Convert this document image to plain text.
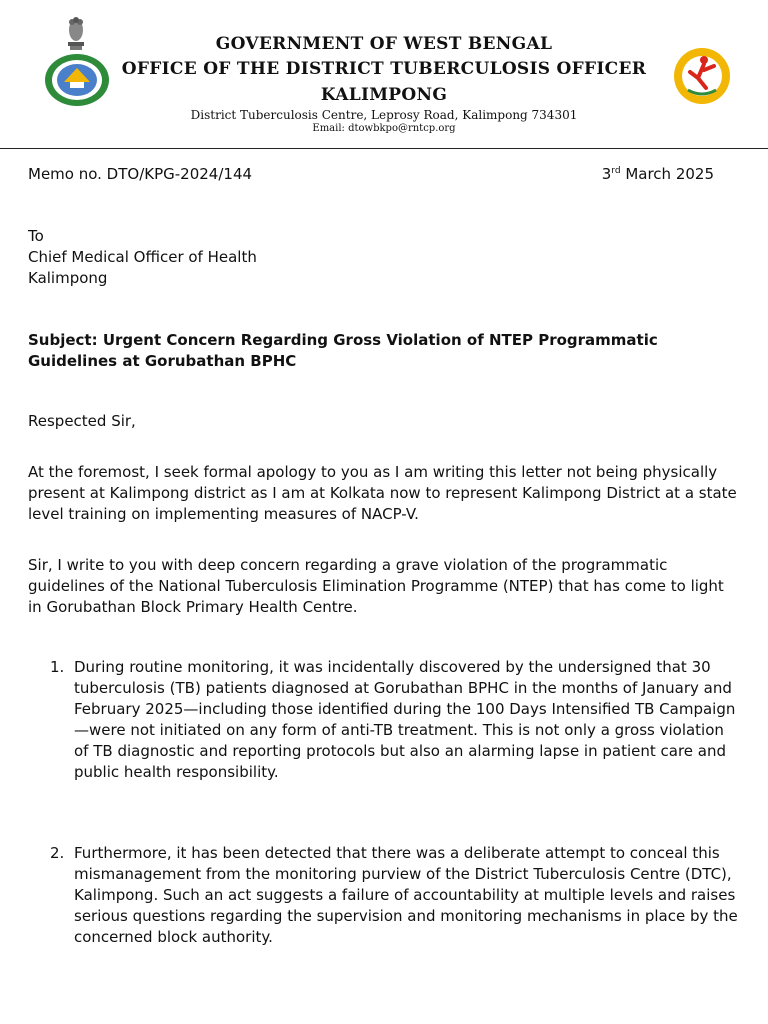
GOVERNMENT OF WEST BENGAL
OFFICE OF THE DISTRICT TUBERCULOSIS OFFICER
KALIMPONG
District Tuberculosis Centre, Leprosy Road, Kalimpong 734301
Email: dtowbkpo@rntcp.org
Memo no. DTO/KPG-2024/144	3rd March 2025
To
Chief Medical Officer of Health
Kalimpong
Subject: Urgent Concern Regarding Gross Violation of NTEP Programmatic Guidelines at Gorubathan BPHC
Respected Sir,
At the foremost, I seek formal apology to you as I am writing this letter not being physically present at Kalimpong district as I am at Kolkata now to represent Kalimpong District at a state level training on implementing measures of NACP-V.
Sir, I write to you with deep concern regarding a grave violation of the programmatic guidelines of the National Tuberculosis Elimination Programme (NTEP) that has come to light in Gorubathan Block Primary Health Centre.
1. During routine monitoring, it was incidentally discovered by the undersigned that 30 tuberculosis (TB) patients diagnosed at Gorubathan BPHC in the months of January and February 2025—including those identified during the 100 Days Intensified TB Campaign—were not initiated on any form of anti-TB treatment. This is not only a gross violation of TB diagnostic and reporting protocols but also an alarming lapse in patient care and public health responsibility.
2. Furthermore, it has been detected that there was a deliberate attempt to conceal this mismanagement from the monitoring purview of the District Tuberculosis Centre (DTC), Kalimpong. Such an act suggests a failure of accountability at multiple levels and raises serious questions regarding the supervision and monitoring mechanisms in place by the concerned block authority.
